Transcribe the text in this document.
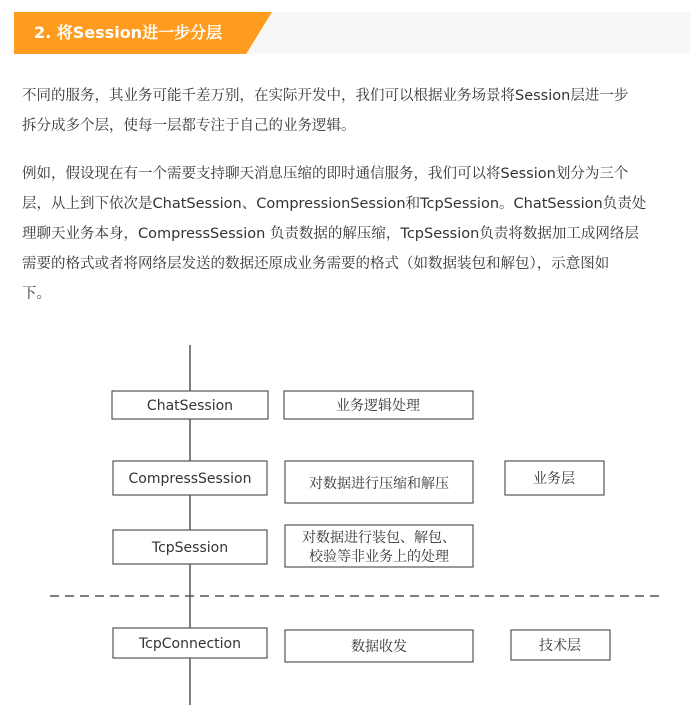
2. 将Session进一步分层

不同的服务，其业务可能千差万别，在实际开发中，我们可以根据业务场景将Session层进一步
拆分成多个层，使每一层都专注于自己的业务逻辑。

例如，假设现在有一个需要支持聊天消息压缩的即时通信服务，我们可以将Session划分为三个
层，从上到下依次是ChatSession、CompressionSession和TcpSession。ChatSession负责处
理聊天业务本身，CompressSession 负责数据的解压缩，TcpSession负责将数据加工成网络层
需要的格式或者将网络层发送的数据还原成业务需要的格式（如数据装包和解包），示意图如
下。

ChatSession	业务逻辑处理
CompressSession	对数据进行压缩和解压	业务层
TcpSession
对数据进行装包、解包、
校验等非业务上的处理
TcpConnection	数据收发	技术层
